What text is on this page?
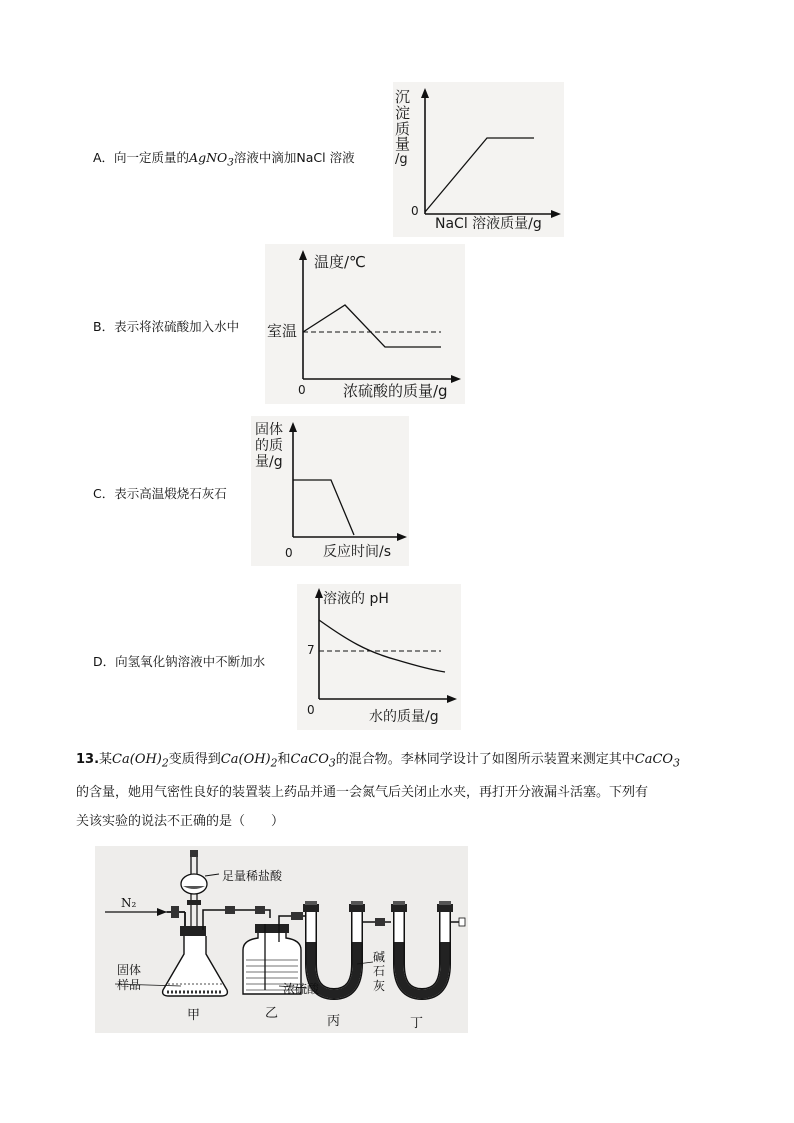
A．向一定质量的AgNO$_3$溶液中滴加NaCl 溶液
沉
淀
质
量
/g
0
NaCl 溶液质量/g
B．表示将浓硫酸加入水中
温度/℃
室温
0 浓硫酸的质量/g
C．表示高温煅烧石灰石
固体
的质
量/g
0 反应时间/s
D．向氢氧化钠溶液中不断加水
溶液的 pH
7
0	水的质量/g
13.某$Ca(OH)_2$变质得到$Ca(OH)_2$和CaCO$_3$的混合物。李林同学设计了如图所示装置来测定其中CaCO$_3$
的含量，她用气密性良好的装置装上药品并通一会氮气后关闭止水夹，再打开分液漏斗活塞。下列有
关该实验的说法不正确的是（　　）
N₂
足量稀盐酸
固体
样品	浓硫酸
碱
石
灰
甲	乙
丙	丁
